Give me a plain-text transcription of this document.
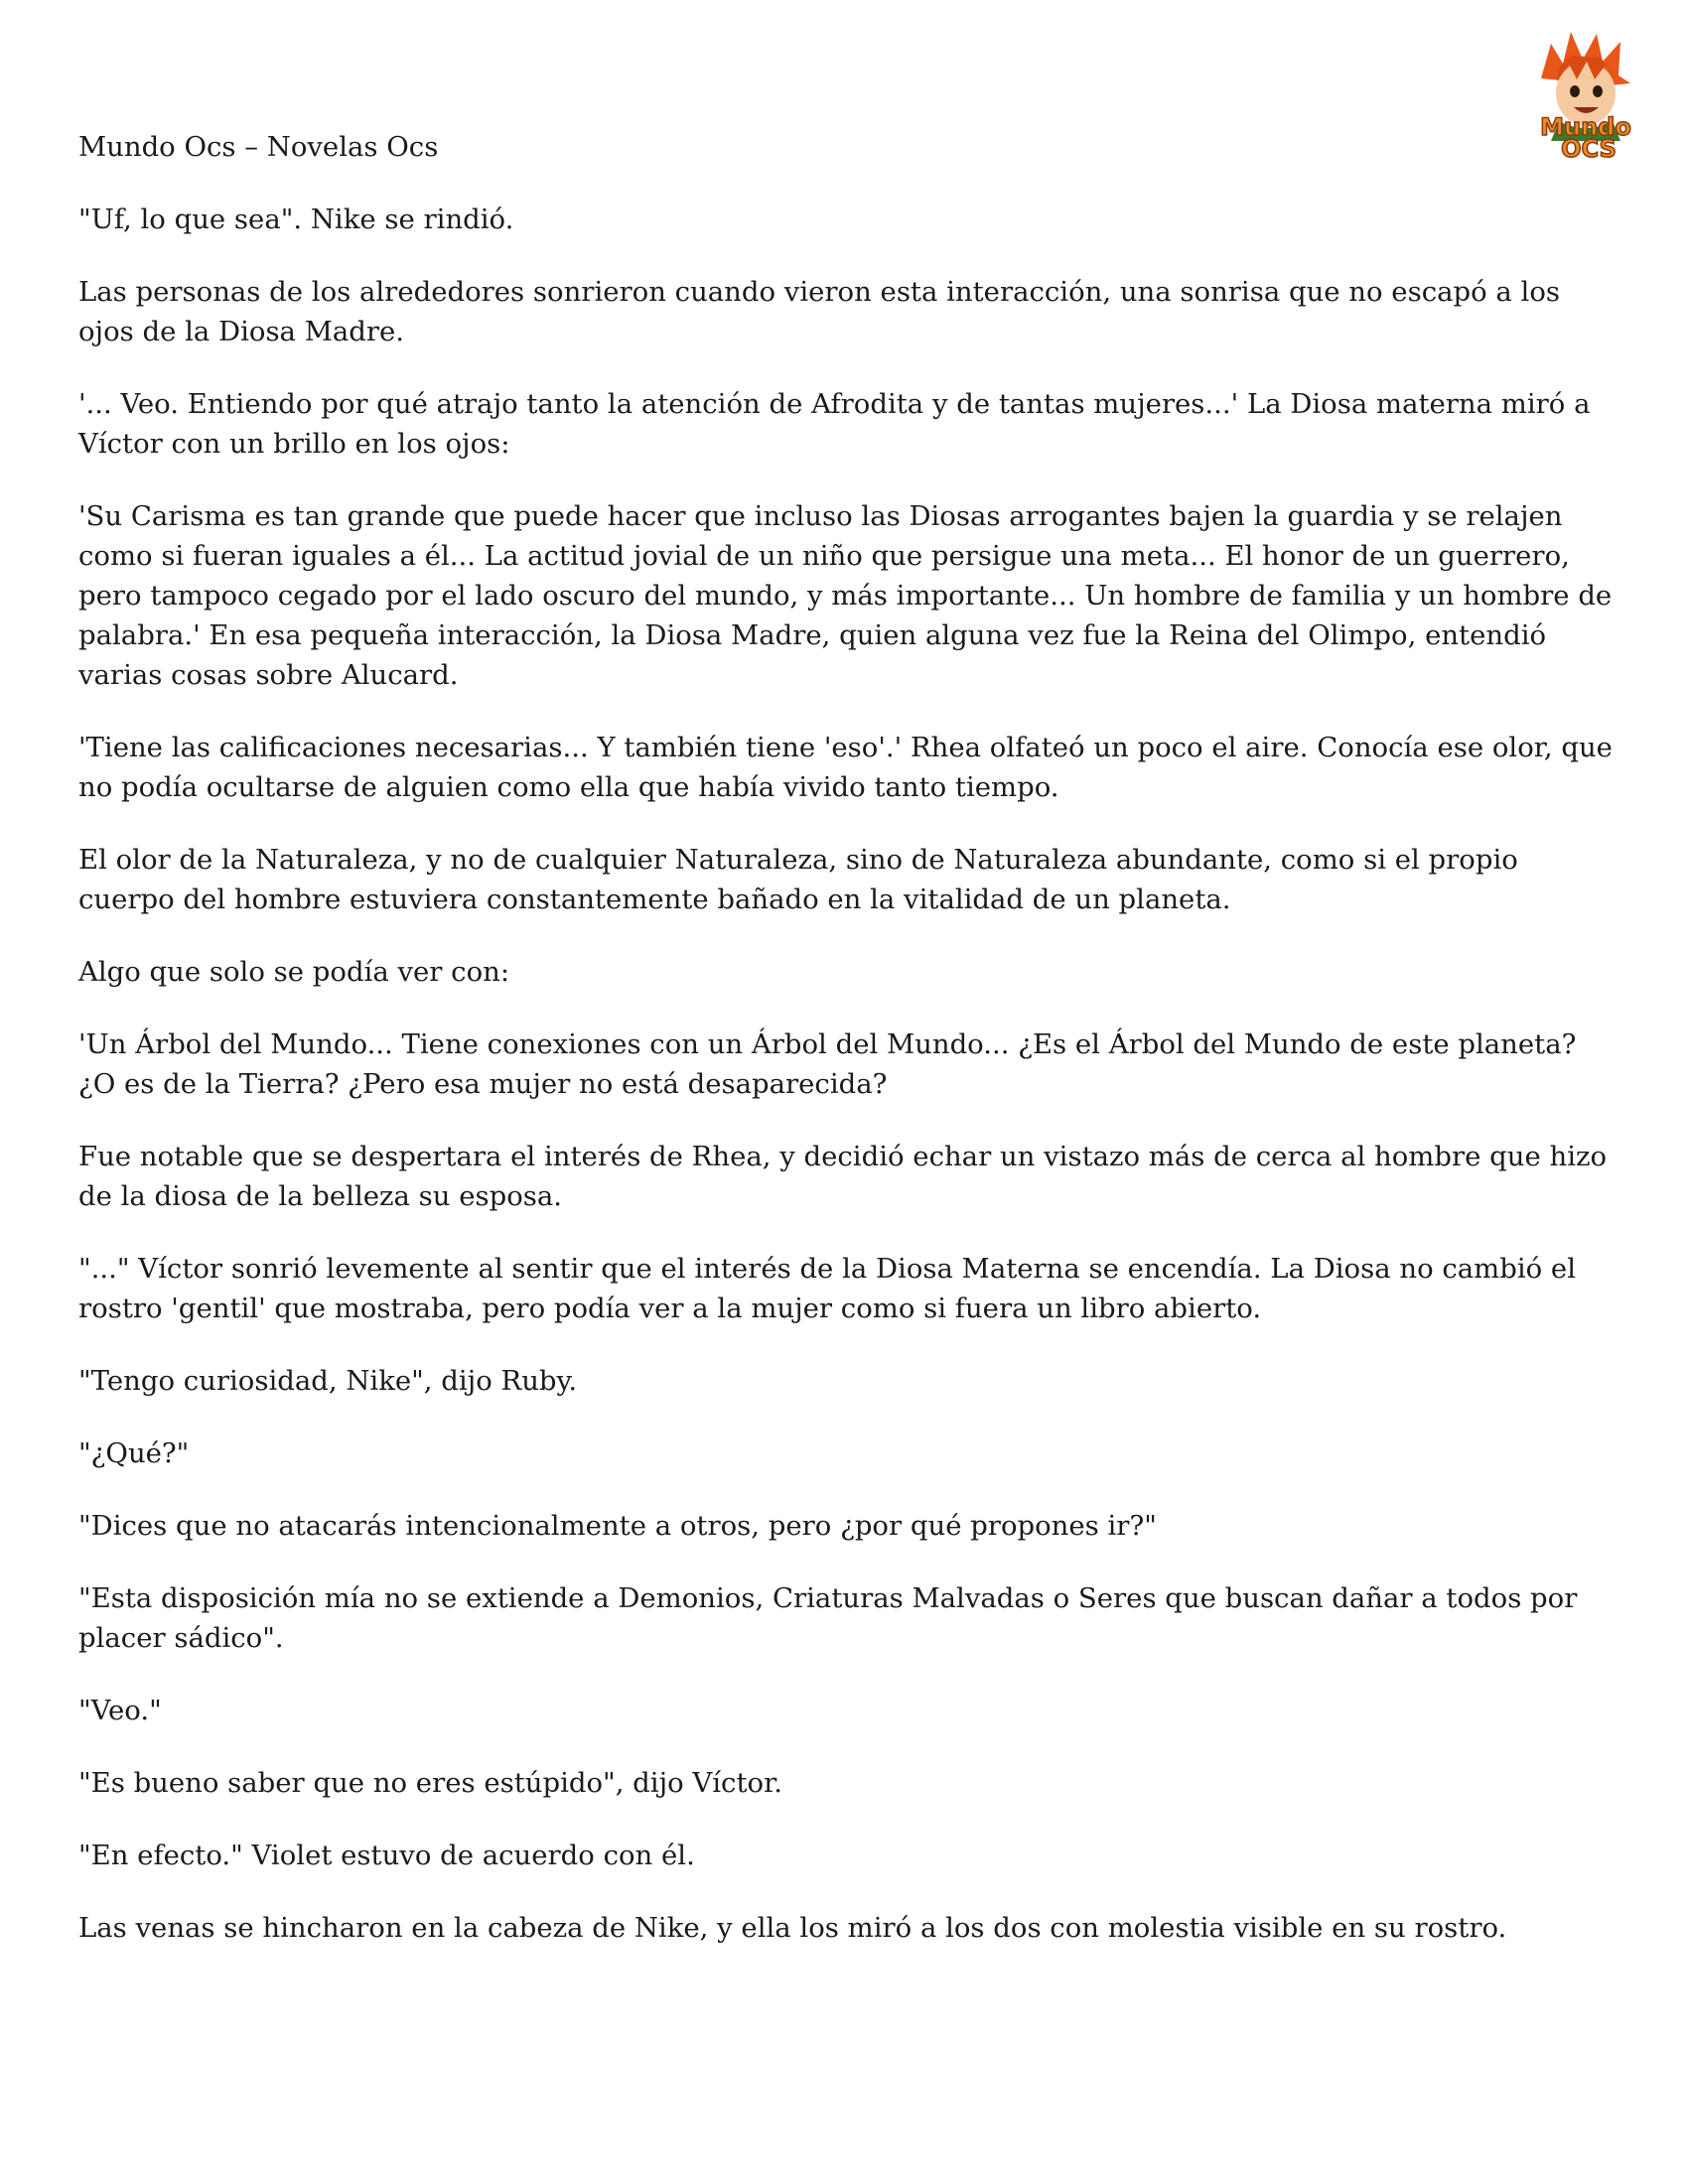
Mundo
OCS

Mundo Ocs – Novelas Ocs

"Uf, lo que sea". Nike se rindió.

Las personas de los alrededores sonrieron cuando vieron esta interacción, una sonrisa que no escapó a los ojos de la Diosa Madre.

'... Veo. Entiendo por qué atrajo tanto la atención de Afrodita y de tantas mujeres...' La Diosa materna miró a Víctor con un brillo en los ojos:

'Su Carisma es tan grande que puede hacer que incluso las Diosas arrogantes bajen la guardia y se relajen como si fueran iguales a él... La actitud jovial de un niño que persigue una meta... El honor de un guerrero, pero tampoco cegado por el lado oscuro del mundo, y más importante... Un hombre de familia y un hombre de palabra.' En esa pequeña interacción, la Diosa Madre, quien alguna vez fue la Reina del Olimpo, entendió varias cosas sobre Alucard.

'Tiene las calificaciones necesarias... Y también tiene 'eso'.' Rhea olfateó un poco el aire. Conocía ese olor, que no podía ocultarse de alguien como ella que había vivido tanto tiempo.

El olor de la Naturaleza, y no de cualquier Naturaleza, sino de Naturaleza abundante, como si el propio cuerpo del hombre estuviera constantemente bañado en la vitalidad de un planeta.

Algo que solo se podía ver con:

'Un Árbol del Mundo... Tiene conexiones con un Árbol del Mundo... ¿Es el Árbol del Mundo de este planeta? ¿O es de la Tierra? ¿Pero esa mujer no está desaparecida?

Fue notable que se despertara el interés de Rhea, y decidió echar un vistazo más de cerca al hombre que hizo de la diosa de la belleza su esposa.

"..." Víctor sonrió levemente al sentir que el interés de la Diosa Materna se encendía. La Diosa no cambió el rostro 'gentil' que mostraba, pero podía ver a la mujer como si fuera un libro abierto.

"Tengo curiosidad, Nike", dijo Ruby.

"¿Qué?"

"Dices que no atacarás intencionalmente a otros, pero ¿por qué propones ir?"

"Esta disposición mía no se extiende a Demonios, Criaturas Malvadas o Seres que buscan dañar a todos por placer sádico".

"Veo."

"Es bueno saber que no eres estúpido", dijo Víctor.

"En efecto." Violet estuvo de acuerdo con él.

Las venas se hincharon en la cabeza de Nike, y ella los miró a los dos con molestia visible en su rostro.
